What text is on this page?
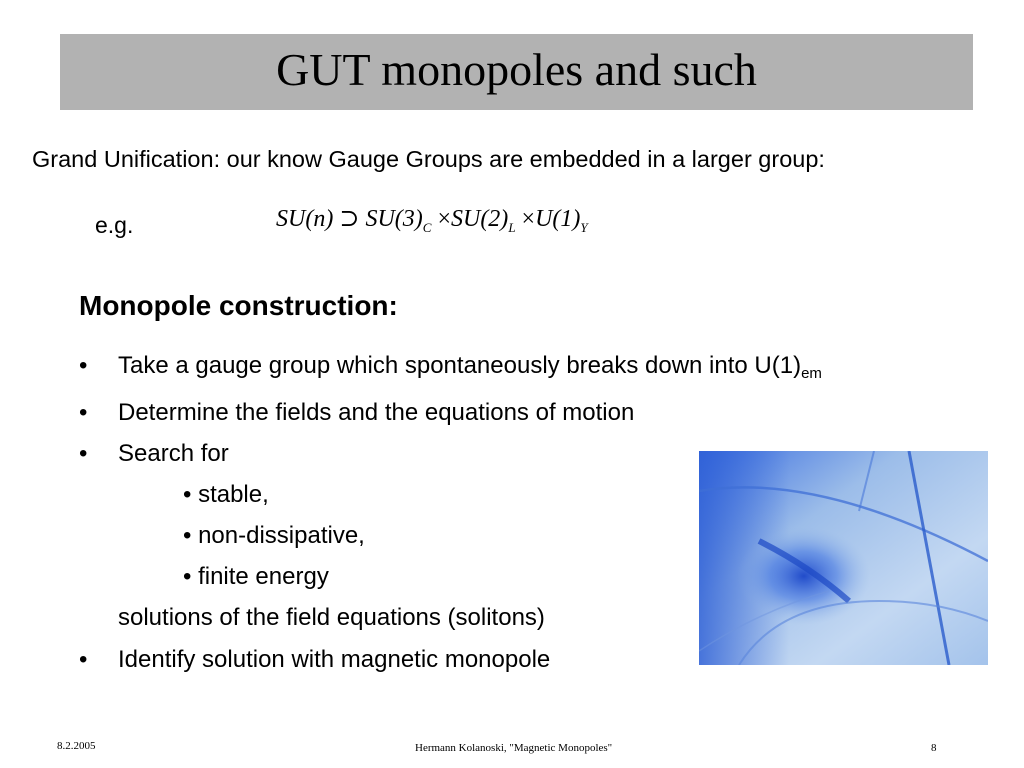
GUT monopoles and such
Grand Unification: our know Gauge Groups are embedded in a larger group:
e.g.	SU(n) ⊃ $SU(3)_C \times SU(2)_L \times U(1)_Y$
Monopole construction:
• Take a gauge group which spontaneously breaks down into $U(1)_{em}$
• Determine the fields and the equations of motion
• Search for
• stable,
• non-dissipative,
• finite energy
solutions of the field equations (solitons)
• Identify solution with magnetic monopole
8.2.2005	Hermann Kolanoski, "Magnetic Monopoles"	8
